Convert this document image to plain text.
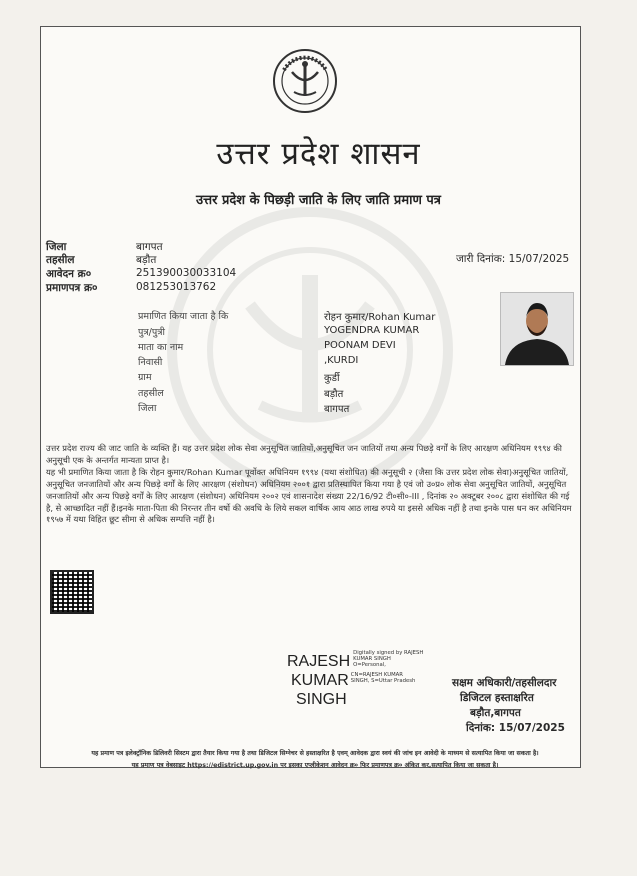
उत्तर प्रदेश शासन
उत्तर प्रदेश के पिछड़ी जाति के लिए जाति प्रमाण पत्र
जिला	बागपत
तहसील	बड़ौत
आवेदन क्र०	251390030033104
प्रमाणपत्र क्र०	081253013762
जारी दिनांक: 15/07/2025
प्रमाणित किया जाता है कि	रोहन कुमार/Rohan Kumar
पुत्र/पुत्री	YOGENDRA KUMAR
माता का नाम	POONAM DEVI
निवासी	,KURDI
ग्राम	कुर्डी
तहसील	बड़ौत
जिला	बागपत

उत्तर प्रदेश राज्य की जाट जाति के व्यक्ति हैं। यह उत्तर प्रदेश लोक सेवा अनुसूचित जातियों,अनुसूचित जन जातियों तथा अन्य पिछड़े वर्गों के लिए आरक्षण अधिनियम १९९४ की अनुसूची एक के अन्तर्गत मान्यता प्राप्त है।

यह भी प्रमाणित किया जाता है कि रोहन कुमार/Rohan Kumar पूर्वोक्त अधिनियम १९९४ (यथा संशोधित) की अनुसूची २ (जैसा कि उत्तर प्रदेश लोक सेवा)अनुसूचित जातियों, अनुसूचित जनजातियों और अन्य पिछड़े वर्गों के लिए आरक्षण (संशोधन) अधिनियम २००१ द्वारा प्रतिस्थापित किया गया है एवं जो उ०प्र० लोक सेवा अनुसूचित जातियों, अनुसूचित जनजातियों और अन्य पिछड़े वर्गों के लिए आरक्षण (संशोधन) अधिनियम २००२ एवं शासनादेश संख्या 22/16/92 टी०सी०-III , दिनांक २० अक्टूबर २००८ द्वारा संशोधित की गई है, से आच्छादित नहीं हैं।इनके माता-पिता की निरन्तर तीन वर्षो की अवधि के लिये सकल वार्षिक आय आठ लाख रुपये या इससे अधिक नहीं है तथा इनके पास धन कर अधिनियम १९५७ में यथा विहित छूट सीमा से अधिक सम्पत्ति नहीं है।

RAJESH Digitally signed by RAJESH
KUMAR SINGH
O=Personal,
KUMAR CN=RAJESH KUMAR
SINGH, S=Uttar Pradesh
SINGH
सक्षम अधिकारी/तहसीलदार
डिजिटल हस्ताक्षरित
बड़ौत,बागपत
दिनांक: 15/07/2025
यह प्रमाण पत्र इलेक्ट्रॉनिक डिलिवरी सिस्टम द्वारा तैयार किया गया है तथा डिजिटल सिग्नेचर से हस्ताक्षरित है एवम् आवेदक द्वारा स्वयं की जांच इन आवेदी के माध्यम से सत्यापित किया जा सकता है।
यह प्रमाण पत्र वेबसाइट https://edistrict.up.gov.in पर इसका एप्लीकेशन आवेदन क्र० फिर प्रमाणपत्र क्र० अंकित कर,सत्यापित किया जा सकता है।
